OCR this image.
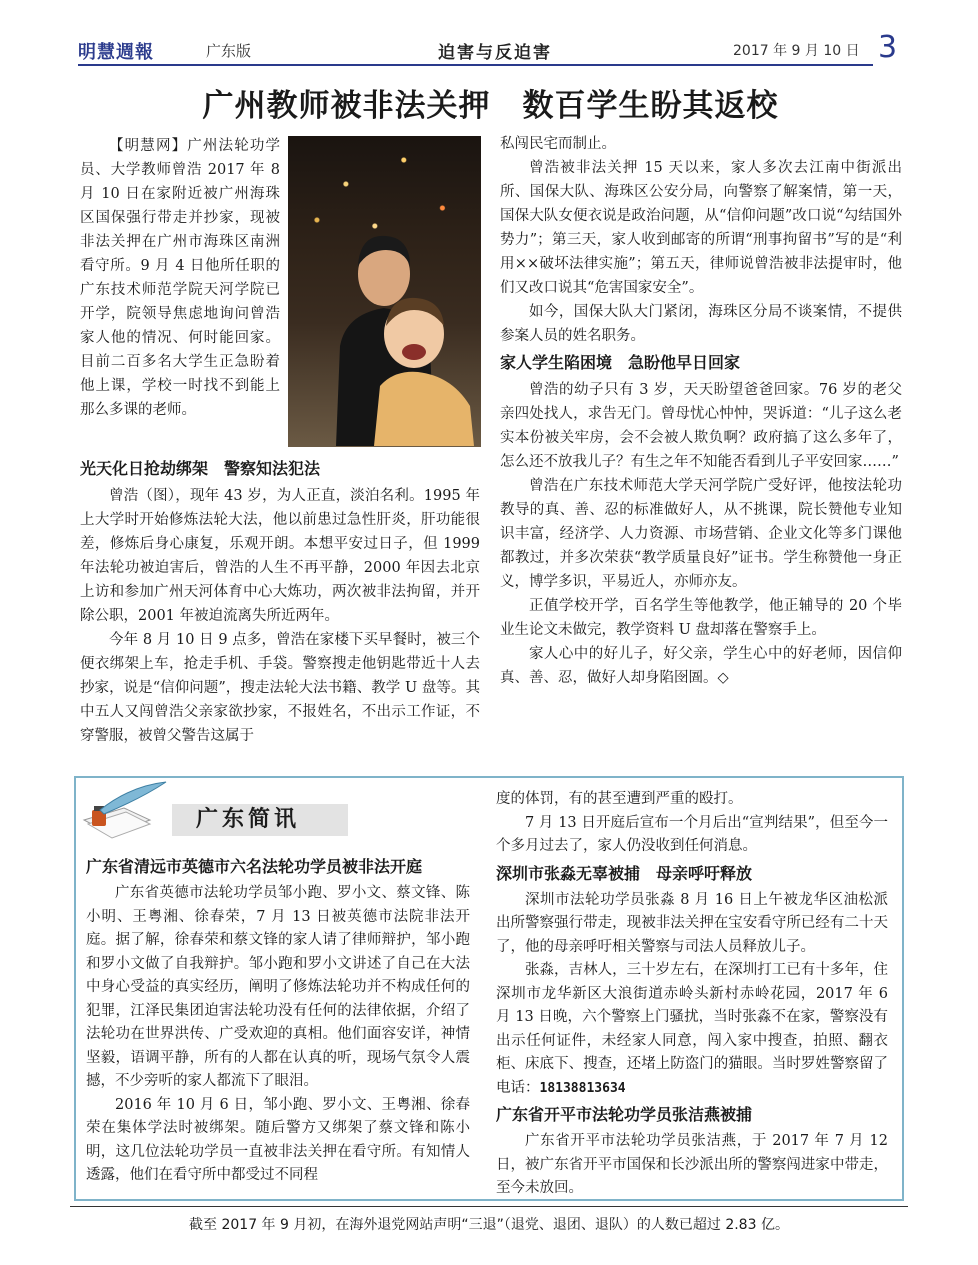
明慧週報	广东版	迫害与反迫害	2017 年 9 月 10 日 3
广州教师被非法关押　数百学生盼其返校

【明慧网】广州法轮功学员、大学教师曾浩 2017 年 8 月 10 日在家附近被广州海珠区国保强行带走并抄家，现被非法关押在广州市海珠区南洲看守所。9 月 4 日他所任职的广东技术师范学院天河学院已开学，院领导焦虑地询问曾浩家人他的情况、何时能回家。目前二百多名大学生正急盼着他上课，学校一时找不到能上那么多课的老师。

光天化日抢劫绑架　警察知法犯法

曾浩（图），现年 43 岁，为人正直，淡泊名利。1995 年上大学时开始修炼法轮大法，他以前患过急性肝炎，肝功能很差，修炼后身心康复，乐观开朗。本想平安过日子，但 1999 年法轮功被迫害后，曾浩的人生不再平静，2000 年因去北京上访和参加广州天河体育中心大炼功，两次被非法拘留，并开除公职，2001 年被迫流离失所近两年。

今年 8 月 10 日 9 点多，曾浩在家楼下买早餐时，被三个便衣绑架上车，抢走手机、手袋。警察搜走他钥匙带近十人去抄家，说是“信仰问题”，搜走法轮大法书籍、教学 U 盘等。其中五人又闯曾浩父亲家欲抄家，不报姓名，不出示工作证，不穿警服，被曾父警告这属于

私闯民宅而制止。

曾浩被非法关押 15 天以来，家人多次去江南中街派出所、国保大队、海珠区公安分局，向警察了解案情，第一天，国保大队女便衣说是政治问题，从“信仰问题”改口说“勾结国外势力”；第三天，家人收到邮寄的所谓“刑事拘留书”写的是“利用××破坏法律实施”；第五天，律师说曾浩被非法提审时，他们又改口说其“危害国家安全”。

如今，国保大队大门紧闭，海珠区分局不谈案情，不提供参案人员的姓名职务。

家人学生陷困境　急盼他早日回家

曾浩的幼子只有 3 岁，天天盼望爸爸回家。76 岁的老父亲四处找人，求告无门。曾母忧心忡忡，哭诉道：“儿子这么老实本份被关牢房，会不会被人欺负啊？政府搞了这么多年了，怎么还不放我儿子？有生之年不知能否看到儿子平安回家……”

曾浩在广东技术师范大学天河学院广受好评，他按法轮功教导的真、善、忍的标准做好人，从不挑课，院长赞他专业知识丰富，经济学、人力资源、市场营销、企业文化等多门课他都教过，并多次荣获“教学质量良好”证书。学生称赞他一身正义，博学多识，平易近人，亦师亦友。

正值学校开学，百名学生等他教学，他正辅导的 20 个毕业生论文未做完，教学资料 U 盘却落在警察手上。

家人心中的好儿子，好父亲，学生心中的好老师，因信仰真、善、忍，做好人却身陷囹圄。◇

广东简讯

广东省清远市英德市六名法轮功学员被非法开庭

广东省英德市法轮功学员邹小跑、罗小文、蔡文锋、陈小明、王粤湘、徐春荣，7 月 13 日被英德市法院非法开庭。据了解，徐春荣和蔡文锋的家人请了律师辩护，邹小跑和罗小文做了自我辩护。邹小跑和罗小文讲述了自己在大法中身心受益的真实经历，阐明了修炼法轮功并不构成任何的犯罪，江泽民集团迫害法轮功没有任何的法律依据，介绍了法轮功在世界洪传、广受欢迎的真相。他们面容安详，神情坚毅，语调平静，所有的人都在认真的听，现场气氛令人震撼，不少旁听的家人都流下了眼泪。

2016 年 10 月 6 日，邹小跑、罗小文、王粤湘、徐春荣在集体学法时被绑架。随后警方又绑架了蔡文锋和陈小明，这几位法轮功学员一直被非法关押在看守所。有知情人透露，他们在看守所中都受过不同程

度的体罚，有的甚至遭到严重的殴打。

7 月 13 日开庭后宣布一个月后出“宣判结果”，但至今一个多月过去了，家人仍没收到任何消息。

深圳市张淼无辜被捕　母亲呼吁释放

深圳市法轮功学员张淼 8 月 16 日上午被龙华区油松派出所警察强行带走，现被非法关押在宝安看守所已经有二十天了，他的母亲呼吁相关警察与司法人员释放儿子。

张淼，吉林人，三十岁左右，在深圳打工已有十多年，住深圳市龙华新区大浪街道赤岭头新村赤岭花园，2017 年 6 月 13 日晚，六个警察上门骚扰，当时张淼不在家，警察没有出示任何证件，未经家人同意，闯入家中搜查，拍照、翻衣柜、床底下、搜查，还堵上防盗门的猫眼。当时罗姓警察留了电话：18138813634

广东省开平市法轮功学员张洁燕被捕

广东省开平市法轮功学员张洁燕，于 2017 年 7 月 12 日，被广东省开平市国保和长沙派出所的警察闯进家中带走，至今未放回。

截至 2017 年 9 月初，在海外退党网站声明“三退”（退党、退团、退队）的人数已超过 2.83 亿。
